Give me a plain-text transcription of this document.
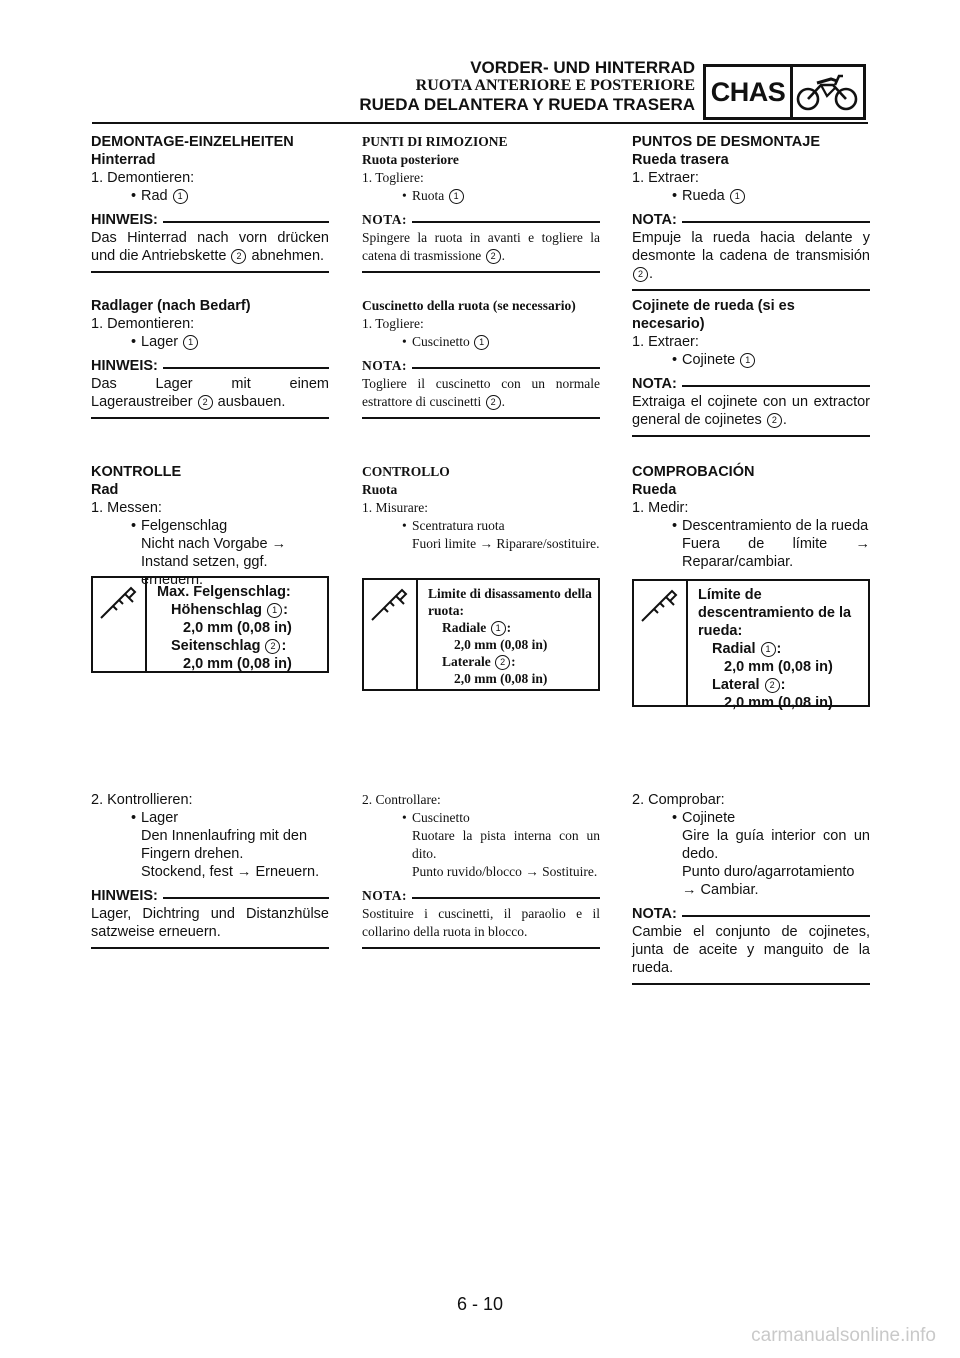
VORDER- UND HINTERRAD
RUOTA ANTERIORE E POSTERIORE
RUEDA DELANTERA Y RUEDA TRASERA CHAS
DEMONTAGE-EINZELHEITEN
Hinterrad

1. Demontieren:

• Rad 1

HINWEIS:
Das Hinterrad nach vorn drücken und die Antriebskette 2 abnehmen.
Radlager (nach Bedarf)

1. Demontieren:

• Lager 1

HINWEIS:
Das Lager mit einem Lageraustreiber 2 ausbauen.
KONTROLLE
Rad

1. Messen:

• Felgenschlag

Nicht nach Vorgabe → Instand setzen, ggf. erneuern.

Max. Felgenschlag:
Höhenschlag 1 :
2,0 mm (0,08 in)
Seitenschlag 2 :
2,0 mm (0,08 in)

2. Kontrollieren:

• Lager

Den Innenlaufring mit den Fingern drehen.

Stockend, fest → Erneuern.

HINWEIS:
Lager, Dichtring und Distanzhülse satzweise erneuern.
PUNTI DI RIMOZIONE
Ruota posteriore

1. Togliere:

• Ruota 1

NOTA:
Spingere la ruota in avanti e togliere la catena di trasmissione 2 .
Cuscinetto della ruota (se necessario)

1. Togliere:

• Cuscinetto 1

NOTA:
Togliere il cuscinetto con un normale estrattore di cuscinetti 2 .
CONTROLLO
Ruota

1. Misurare:

• Scentratura ruota

Fuori limite → Riparare/sostituire.

Limite di disassamento della ruota:
Radiale 1 :
2,0 mm (0,08 in)
Laterale 2 :
2,0 mm (0,08 in)

2. Controllare:

• Cuscinetto

Ruotare la pista interna con un dito.

Punto ruvido/blocco → Sostituire.

NOTA:
Sostituire i cuscinetti, il paraolio e il collarino della ruota in blocco.
PUNTOS DE DESMONTAJE
Rueda trasera

1. Extraer:

• Rueda 1

NOTA:
Empuje la rueda hacia delante y desmonte la cadena de transmisión 2 .
Cojinete de rueda (si es necesario)

1. Extraer:

• Cojinete 1

NOTA:
Extraiga el cojinete con un extractor general de cojinetes 2 .
COMPROBACIÓN
Rueda

1. Medir:

• Descentramiento de la rueda

Fuera de límite → Reparar/cambiar.

Límite de descentramiento de la rueda:
Radial 1 :
2,0 mm (0,08 in)
Lateral 2 :
2,0 mm (0,08 in)

2. Comprobar:

• Cojinete

Gire la guía interior con un dedo.

Punto duro/agarrotamiento → Cambiar.

NOTA:
Cambie el conjunto de cojinetes, junta de aceite y manguito de la rueda.
6 - 10
carmanualsonline.info
